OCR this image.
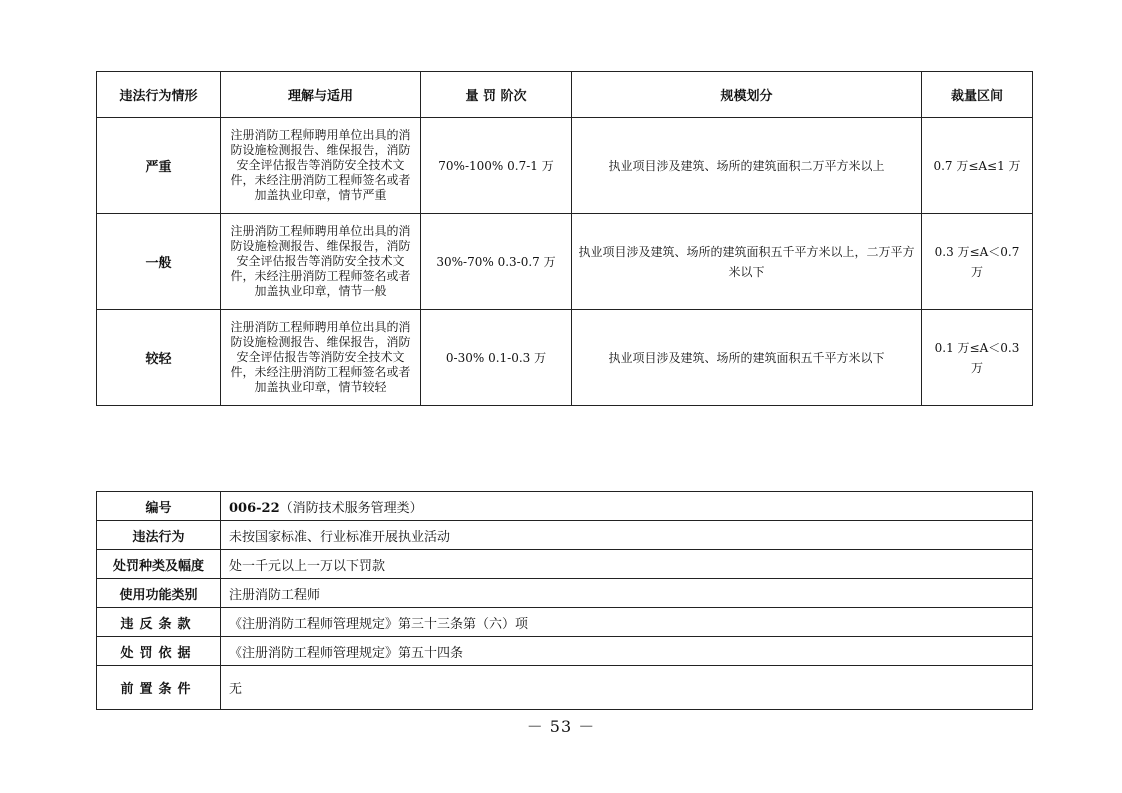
违法行为情形	理解与适用	量 罚 阶次	规模划分	裁量区间
严重	注册消防工程师聘用单位出具的消防设施检测报告、维保报告，消防安全评估报告等消防安全技术文件，未经注册消防工程师签名或者加盖执业印章，情节严重	70%-100% 0.7-1 万	执业项目涉及建筑、场所的建筑面积二万平方米以上	0.7 万≤A≤1 万
一般	注册消防工程师聘用单位出具的消防设施检测报告、维保报告，消防安全评估报告等消防安全技术文件，未经注册消防工程师签名或者加盖执业印章，情节一般	30%-70% 0.3-0.7 万	执业项目涉及建筑、场所的建筑面积五千平方米以上，二万平方米以下	0.3 万≤A＜0.7 万
较轻	注册消防工程师聘用单位出具的消防设施检测报告、维保报告，消防安全评估报告等消防安全技术文件，未经注册消防工程师签名或者加盖执业印章，情节较轻	0-30% 0.1-0.3 万	执业项目涉及建筑、场所的建筑面积五千平方米以下	0.1 万≤A＜0.3 万
编号	006-22（消防技术服务管理类）
违法行为	未按国家标准、行业标准开展执业活动
处罚种类及幅度	处一千元以上一万以下罚款
使用功能类别	注册消防工程师
违反条款	《注册消防工程师管理规定》第三十三条第（六）项
处罚依据	《注册消防工程师管理规定》第五十四条
前置条件	无
－ 53 －
